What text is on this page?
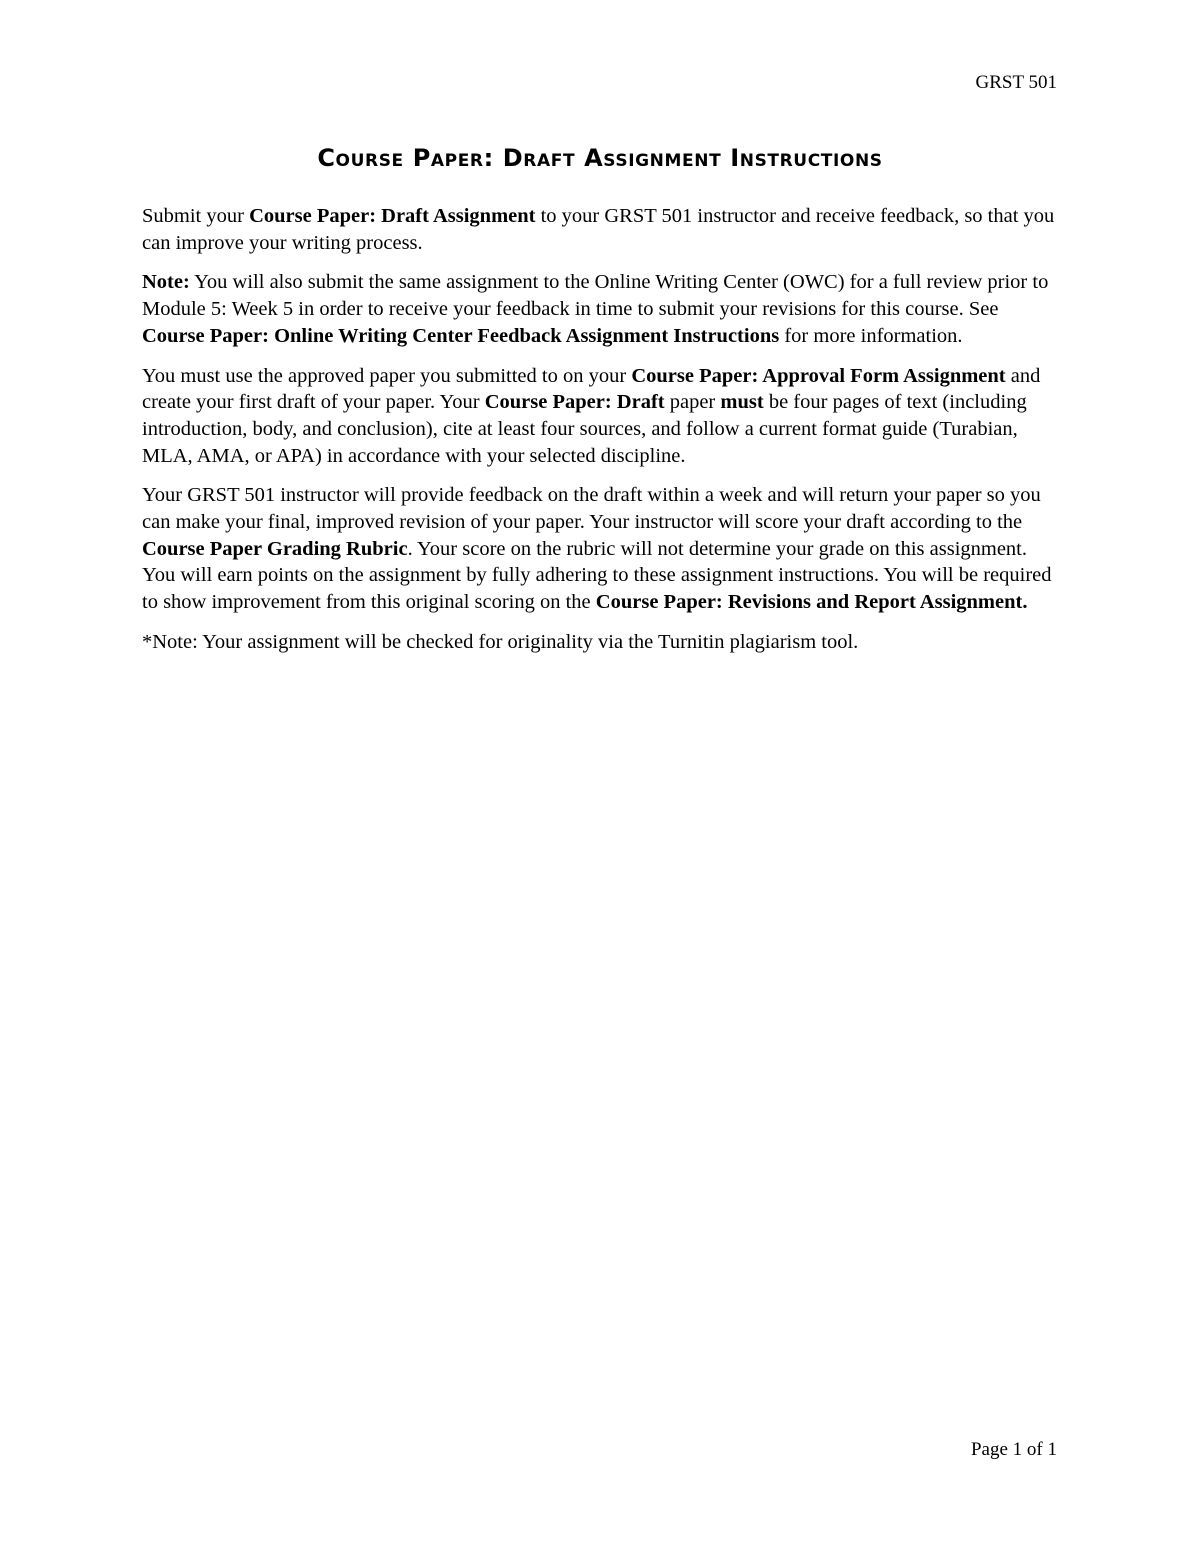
GRST 501
Course Paper: Draft Assignment Instructions

Submit your Course Paper: Draft Assignment to your GRST 501 instructor and receive feedback, so that you can improve your writing process.

Note: You will also submit the same assignment to the Online Writing Center (OWC) for a full review prior to Module 5: Week 5 in order to receive your feedback in time to submit your revisions for this course. See Course Paper: Online Writing Center Feedback Assignment Instructions for more information.

You must use the approved paper you submitted to on your Course Paper: Approval Form Assignment and create your first draft of your paper. Your Course Paper: Draft paper must be four pages of text (including introduction, body, and conclusion), cite at least four sources, and follow a current format guide (Turabian, MLA, AMA, or APA) in accordance with your selected discipline.

Your GRST 501 instructor will provide feedback on the draft within a week and will return your paper so you can make your final, improved revision of your paper. Your instructor will score your draft according to the Course Paper Grading Rubric. Your score on the rubric will not determine your grade on this assignment. You will earn points on the assignment by fully adhering to these assignment instructions. You will be required to show improvement from this original scoring on the Course Paper: Revisions and Report Assignment.

*Note: Your assignment will be checked for originality via the Turnitin plagiarism tool.

Page 1 of 1
